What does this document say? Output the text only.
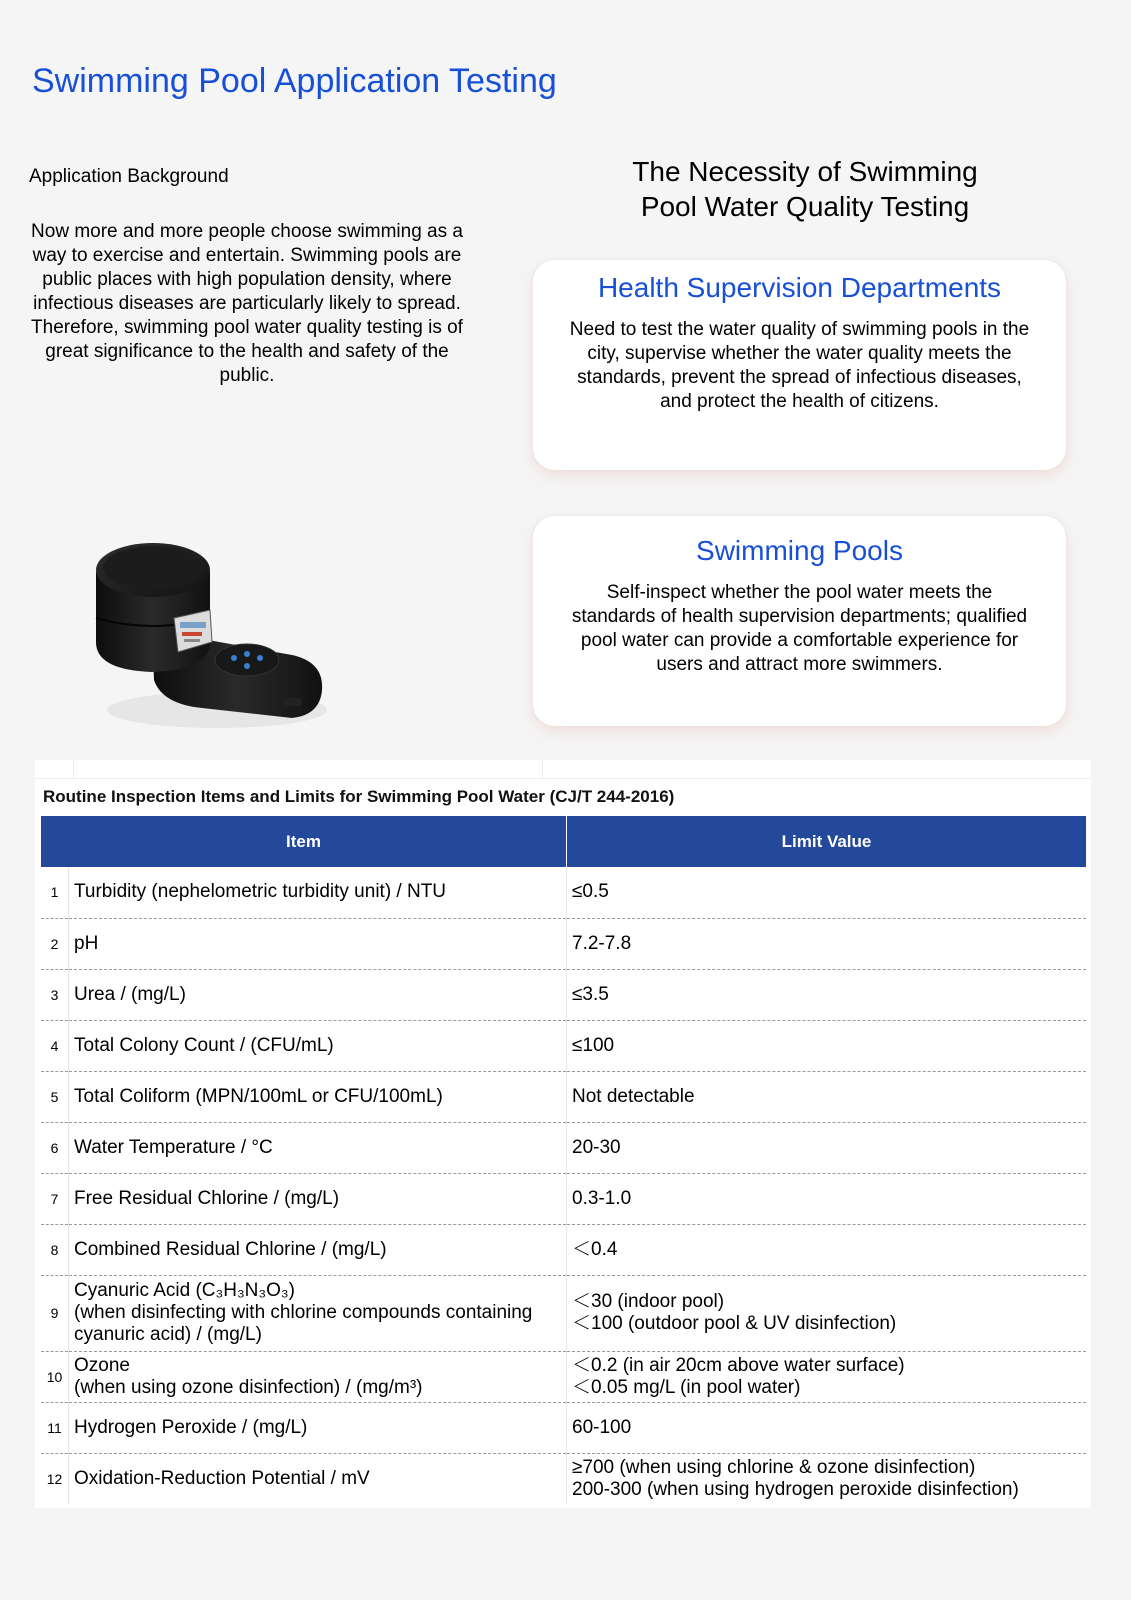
Swimming Pool Application Testing
Application Background
Now more and more people choose swimming as a way to exercise and entertain. Swimming pools are public places with high population density, where infectious diseases are particularly likely to spread. Therefore, swimming pool water quality testing is of great significance to the health and safety of the public.
The Necessity of Swimming
Pool Water Quality Testing
Health Supervision Departments

Need to test the water quality of swimming pools in the city, supervise whether the water quality meets the standards, prevent the spread of infectious diseases, and protect the health of citizens.

Swimming Pools

Self-inspect whether the pool water meets the standards of health supervision departments; qualified pool water can provide a comfortable experience for users and attract more swimmers.

Routine Inspection Items and Limits for Swimming Pool Water (CJ/T 244-2016)
Item		Limit Value
1	Turbidity (nephelometric turbidity unit) / NTU	≤0.5
2	pH	7.2-7.8
3	Urea / (mg/L)	≤3.5
4	Total Colony Count / (CFU/mL)	≤100
5	Total Coliform (MPN/100mL or CFU/100mL)	Not detectable
6	Water Temperature / °C	20-30
7	Free Residual Chlorine / (mg/L)	0.3-1.0
8	Combined Residual Chlorine / (mg/L)	＜0.4
9	Cyanuric Acid (C₃H₃N₃O₃)
(when disinfecting with chlorine compounds containing cyanuric acid) / (mg/L)	＜30 (indoor pool)
＜100 (outdoor pool & UV disinfection)
10	Ozone
(when using ozone disinfection) / (mg/m³)	＜0.2 (in air 20cm above water surface)
＜0.05 mg/L (in pool water)
11	Hydrogen Peroxide / (mg/L)	60-100
12	Oxidation-Reduction Potential / mV	≥700 (when using chlorine & ozone disinfection)
200-300 (when using hydrogen peroxide disinfection)
